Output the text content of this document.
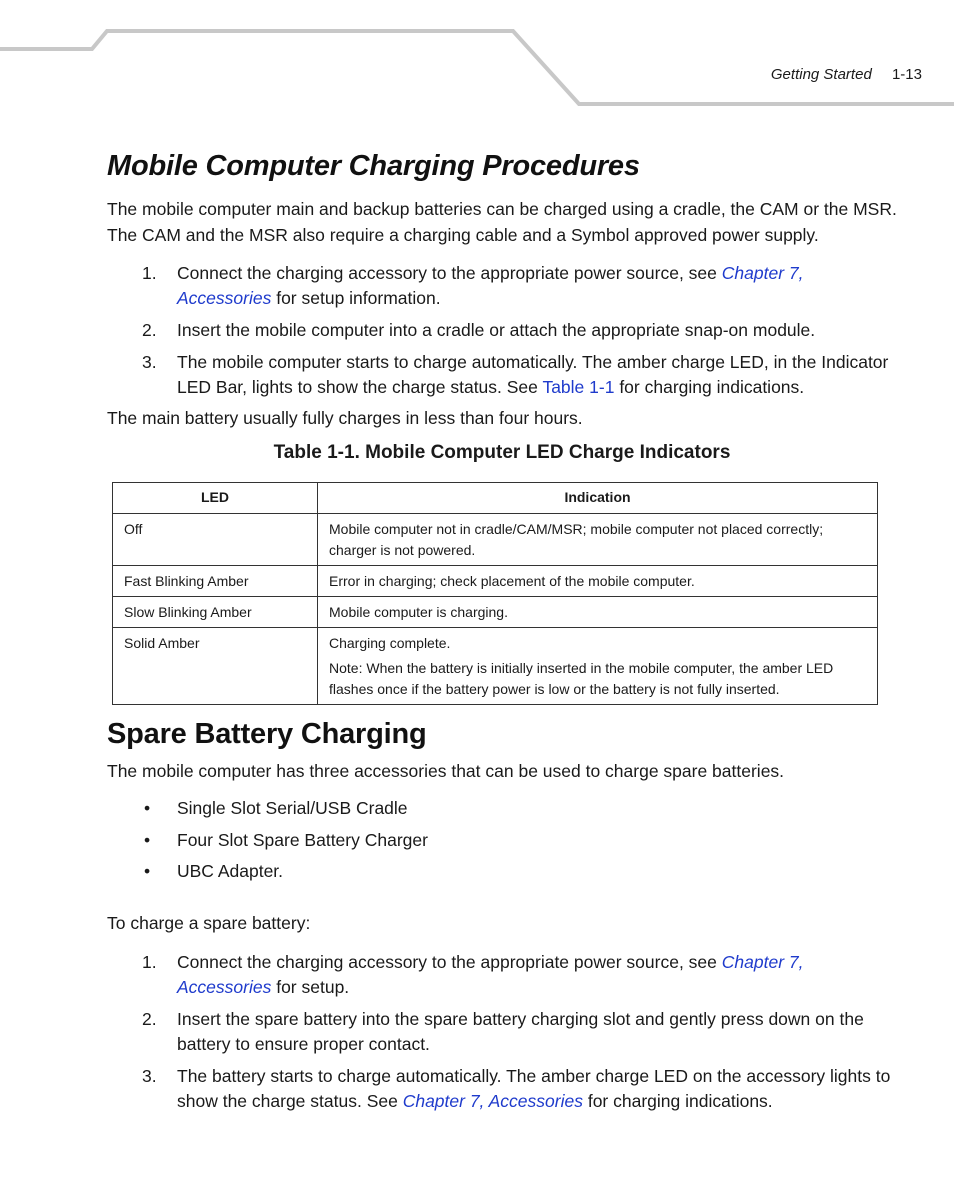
Getting Started 1-13
Mobile Computer Charging Procedures

The mobile computer main and backup batteries can be charged using a cradle, the CAM or the MSR. The CAM and the MSR also require a charging cable and a Symbol approved power supply.

1. Connect the charging accessory to the appropriate power source, see Chapter 7,
Accessories for setup information.
2. Insert the mobile computer into a cradle or attach the appropriate snap-on module.
3. The mobile computer starts to charge automatically. The amber charge LED, in the Indicator LED Bar, lights to show the charge status. See Table 1-1 for charging indications.

The main battery usually fully charges in less than four hours.

Table 1-1. Mobile Computer LED Charge Indicators

LED	Indication
Off	Mobile computer not in cradle/CAM/MSR; mobile computer not placed correctly; charger is not powered.
Fast Blinking Amber	Error in charging; check placement of the mobile computer.
Slow Blinking Amber	Mobile computer is charging.
Solid Amber	Charging complete.

Note: When the battery is initially inserted in the mobile computer, the amber LED flashes once if the battery power is low or the battery is not fully inserted.

Spare Battery Charging

The mobile computer has three accessories that can be used to charge spare batteries.

• Single Slot Serial/USB Cradle
• Four Slot Spare Battery Charger
• UBC Adapter.

To charge a spare battery:

1. Connect the charging accessory to the appropriate power source, see Chapter 7,
Accessories for setup.
2. Insert the spare battery into the spare battery charging slot and gently press down on the battery to ensure proper contact.
3. The battery starts to charge automatically. The amber charge LED on the accessory lights to show the charge status. See Chapter 7, Accessories for charging indications.
